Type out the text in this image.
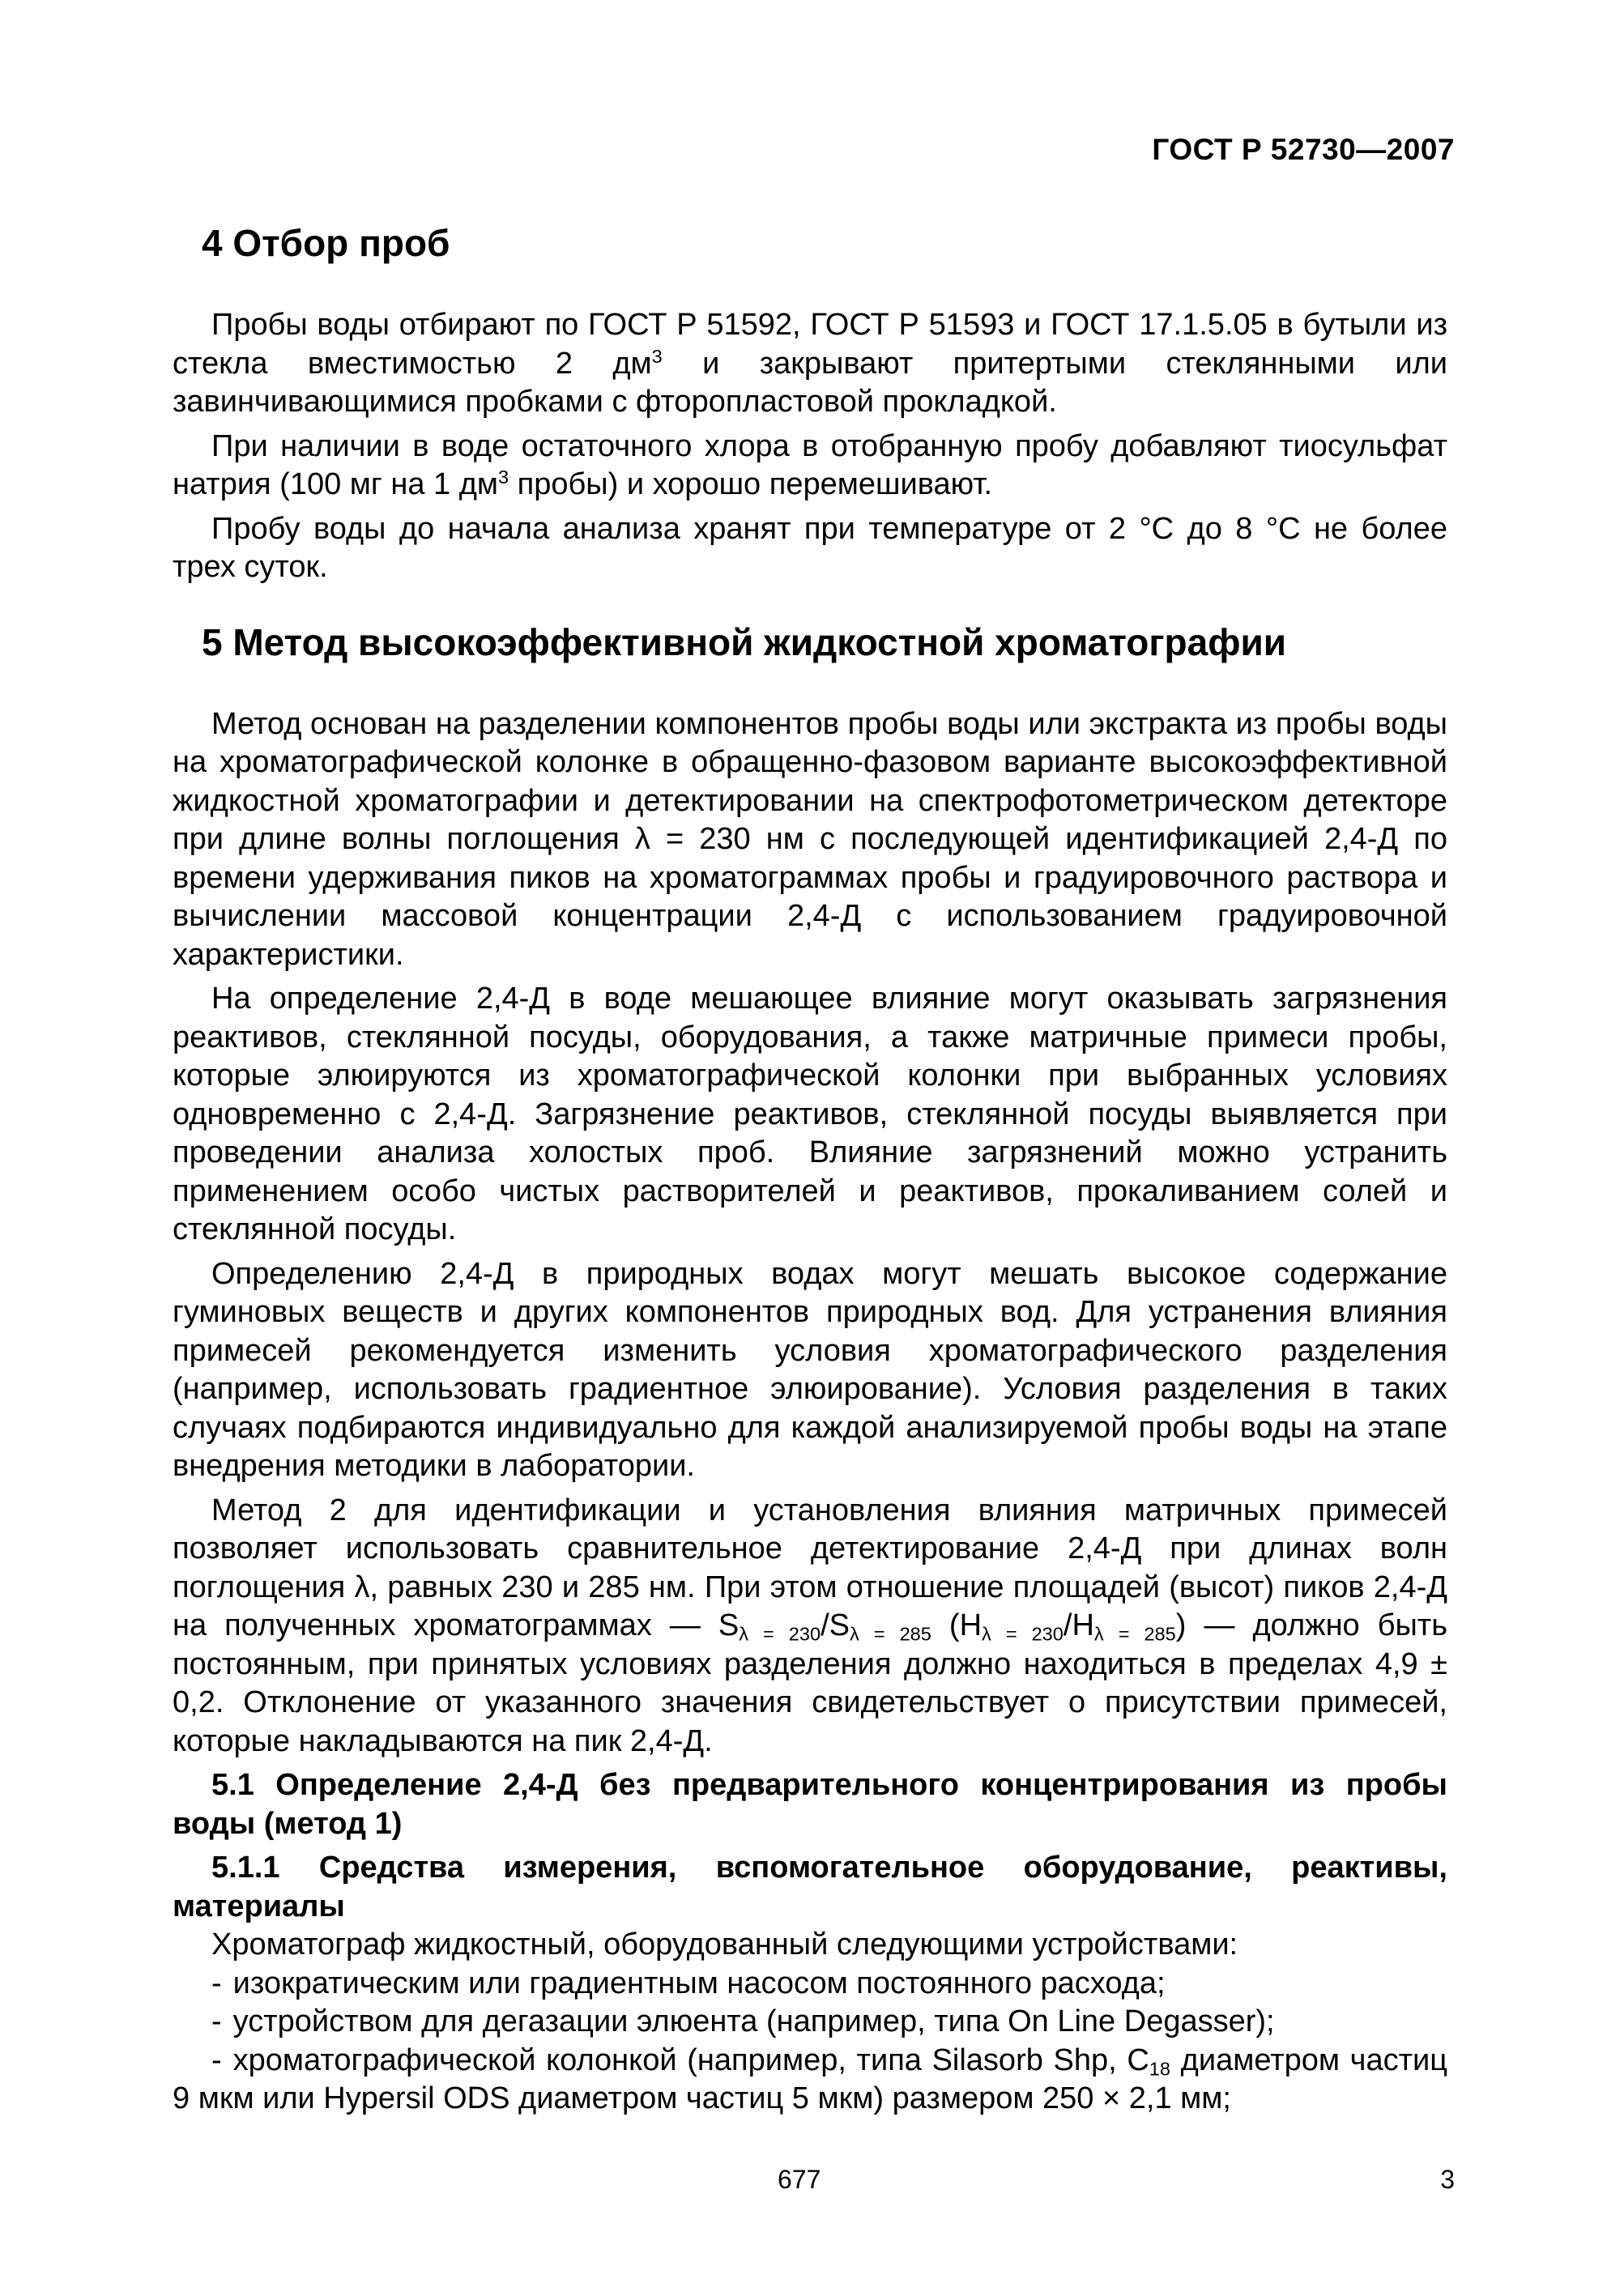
ГОСТ Р 52730—2007
4 Отбор проб

Пробы воды отбирают по ГОСТ Р 51592, ГОСТ Р 51593 и ГОСТ 17.1.5.05 в бутыли из стекла вместимостью 2 $дм^3$ и закрывают притертыми стеклянными или завинчивающимися пробками с фторопластовой прокладкой.

При наличии в воде остаточного хлора в отобранную пробу добавляют тиосульфат натрия (100 мг на 1 $дм^3$ пробы) и хорошо перемешивают.

Пробу воды до начала анализа хранят при температуре от 2 °С до 8 °С не более трех суток.

5 Метод высокоэффективной жидкостной хроматографии

Метод основан на разделении компонентов пробы воды или экстракта из пробы воды на хроматографической колонке в обращенно-фазовом варианте высокоэффективной жидкостной хроматографии и детектировании на спектрофотометрическом детекторе при длине волны поглощения λ = 230 нм с последующей идентификацией 2,4-Д по времени удерживания пиков на хроматограммах пробы и градуировочного раствора и вычислении массовой концентрации 2,4-Д с использованием градуировочной характеристики.

На определение 2,4-Д в воде мешающее влияние могут оказывать загрязнения реактивов, стеклянной посуды, оборудования, а также матричные примеси пробы, которые элюируются из хроматографической колонки при выбранных условиях одновременно с 2,4-Д. Загрязнение реактивов, стеклянной посуды выявляется при проведении анализа холостых проб. Влияние загрязнений можно устранить применением особо чистых растворителей и реактивов, прокаливанием солей и стеклянной посуды.

Определению 2,4-Д в природных водах могут мешать высокое содержание гуминовых веществ и других компонентов природных вод. Для устранения влияния примесей рекомендуется изменить условия хроматографического разделения (например, использовать градиентное элюирование). Условия разделения в таких случаях подбираются индивидуально для каждой анализируемой пробы воды на этапе внедрения методики в лаборатории.

Метод 2 для идентификации и установления влияния матричных примесей позволяет использовать сравнительное детектирование 2,4-Д при длинах волн поглощения λ, равных 230 и 285 нм. При этом отношение площадей (высот) пиков 2,4-Д на полученных хроматограммах — $S_{\lambda = 230}/S_{\lambda = 285}$ $(H_{\lambda = 230}/H_{\lambda = 285})$ — должно быть постоянным, при принятых условиях разделения должно находиться в пределах 4,9 ± 0,2. Отклонение от указанного значения свидетельствует о присутствии примесей, которые накладываются на пик 2,4-Д.

5.1 Определение 2,4-Д без предварительного концентрирования из пробы воды (метод 1)
5.1.1 Средства измерения, вспомогательное оборудование, реактивы, материалы

Хроматограф жидкостный, оборудованный следующими устройствами:

- изократическим или градиентным насосом постоянного расхода;
- устройством для дегазации элюента (например, типа On Line Degasser);
- хроматографической колонкой (например, типа Silasorb Shp, $C_{18}$ диаметром частиц 9 мкм или Hypersil ODS диаметром частиц 5 мкм) размером 250 × 2,1 мм;
677	3
